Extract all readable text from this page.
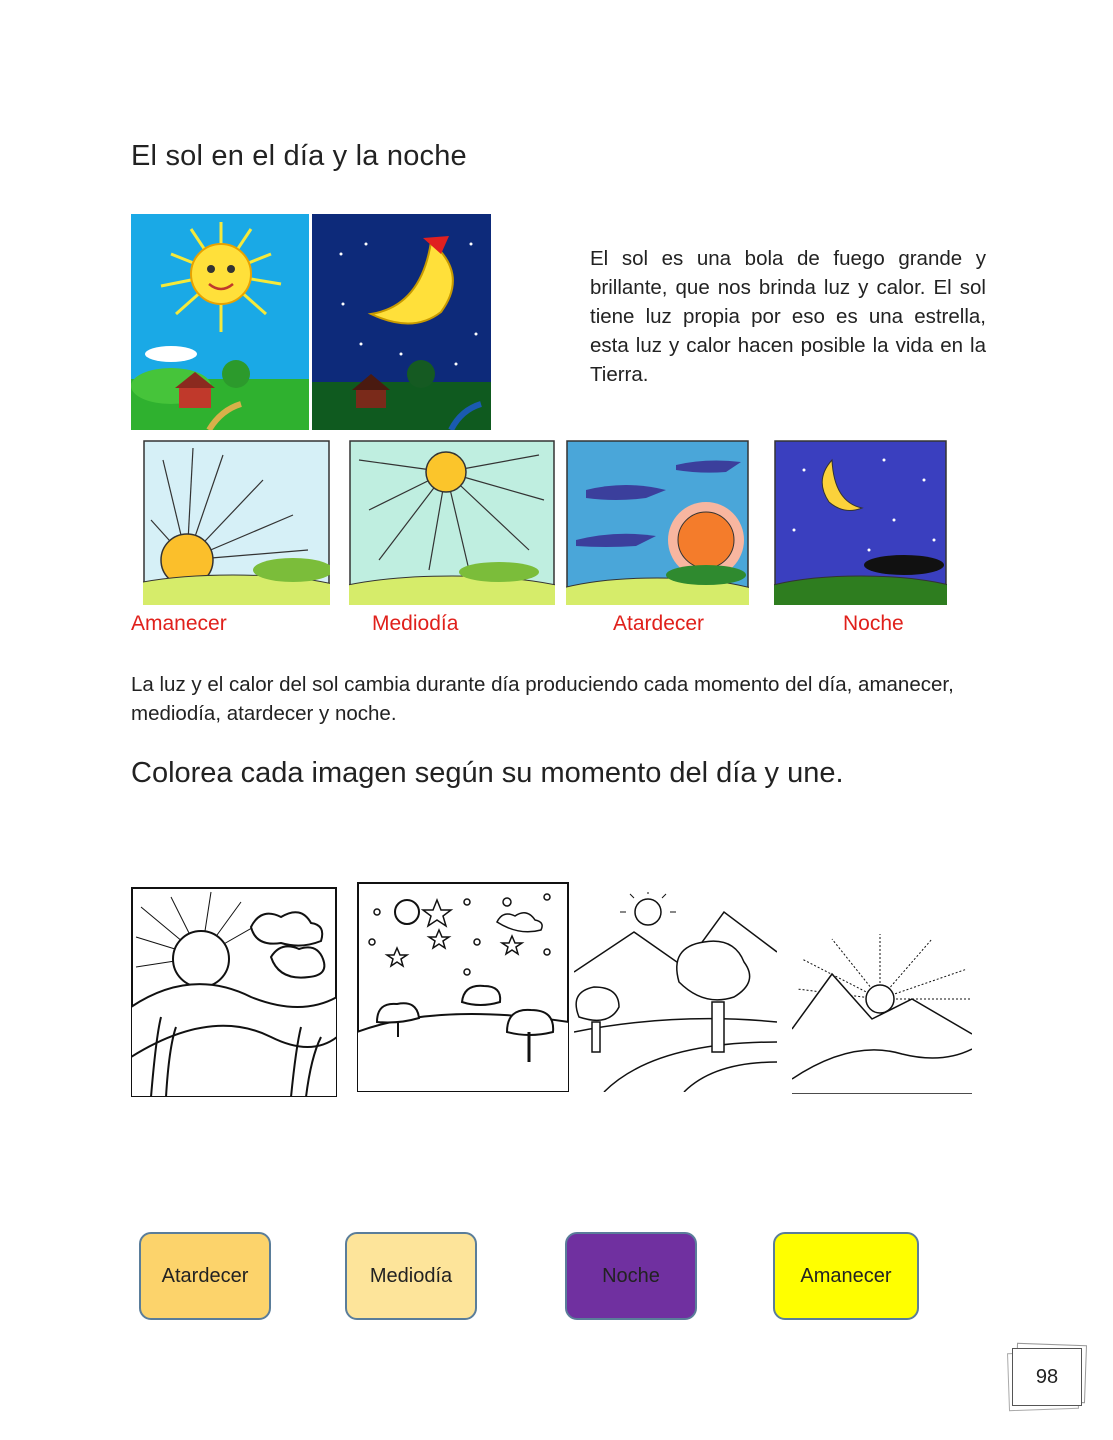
El sol en el día y la noche
El sol es una bola de fuego grande y brillante, que nos brinda luz y calor. El sol tiene luz propia por eso es una estrella, esta luz y calor hacen posible la vida en la Tierra.
Amanecer	Mediodía	Atardecer	Noche
La luz y el calor del sol cambia durante día produciendo cada momento del día, amanecer, mediodía, atardecer y noche.
Colorea cada imagen según su momento del día y une.
Atardecer	Mediodía	Noche	Amanecer
98
